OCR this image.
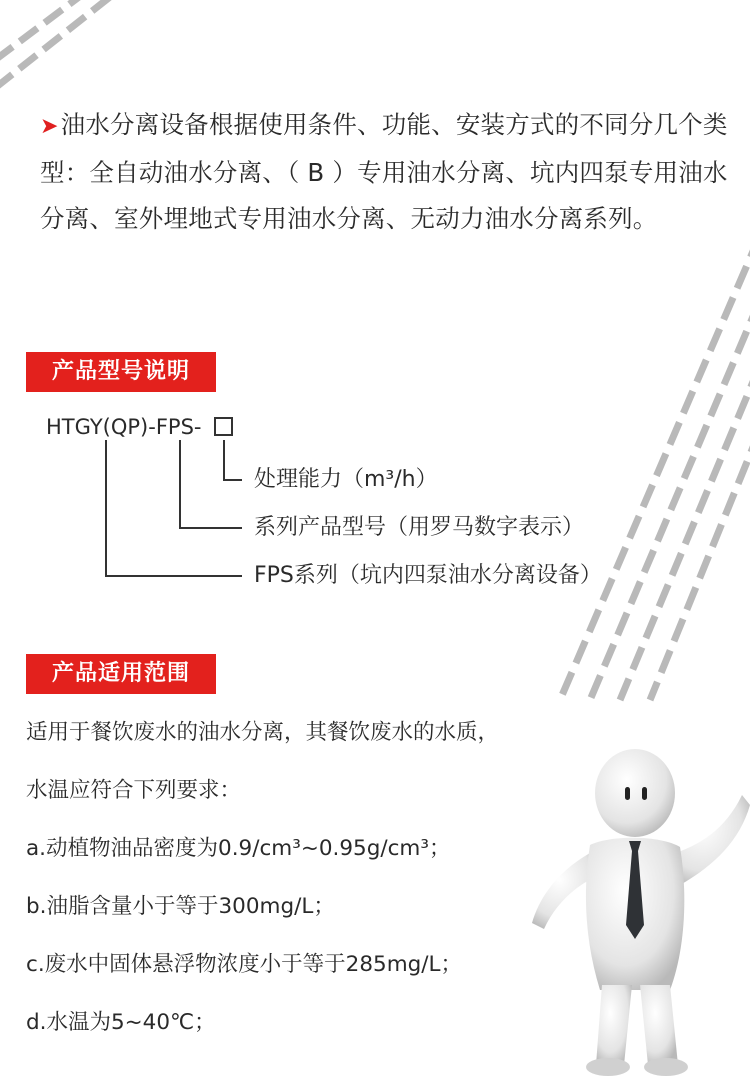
➤油水分离设备根据使用条件、功能、安装方式的不同分几个类型：全自动油水分离、（ B ）专用油水分离、坑内四泵专用油水分离、室外埋地式专用油水分离、无动力油水分离系列。
产品型号说明
HTGY(QP)-FPS-
处理能力（m³/h）
系列产品型号（用罗马数字表示）
FPS系列（坑内四泵油水分离设备）
产品适用范围
适用于餐饮废水的油水分离，其餐饮废水的水质，
水温应符合下列要求：
a.动植物油品密度为0.9/cm³~0.95g/cm³；
b.油脂含量小于等于300mg/L；
c.废水中固体悬浮物浓度小于等于285mg/L；
d.水温为5~40℃；
